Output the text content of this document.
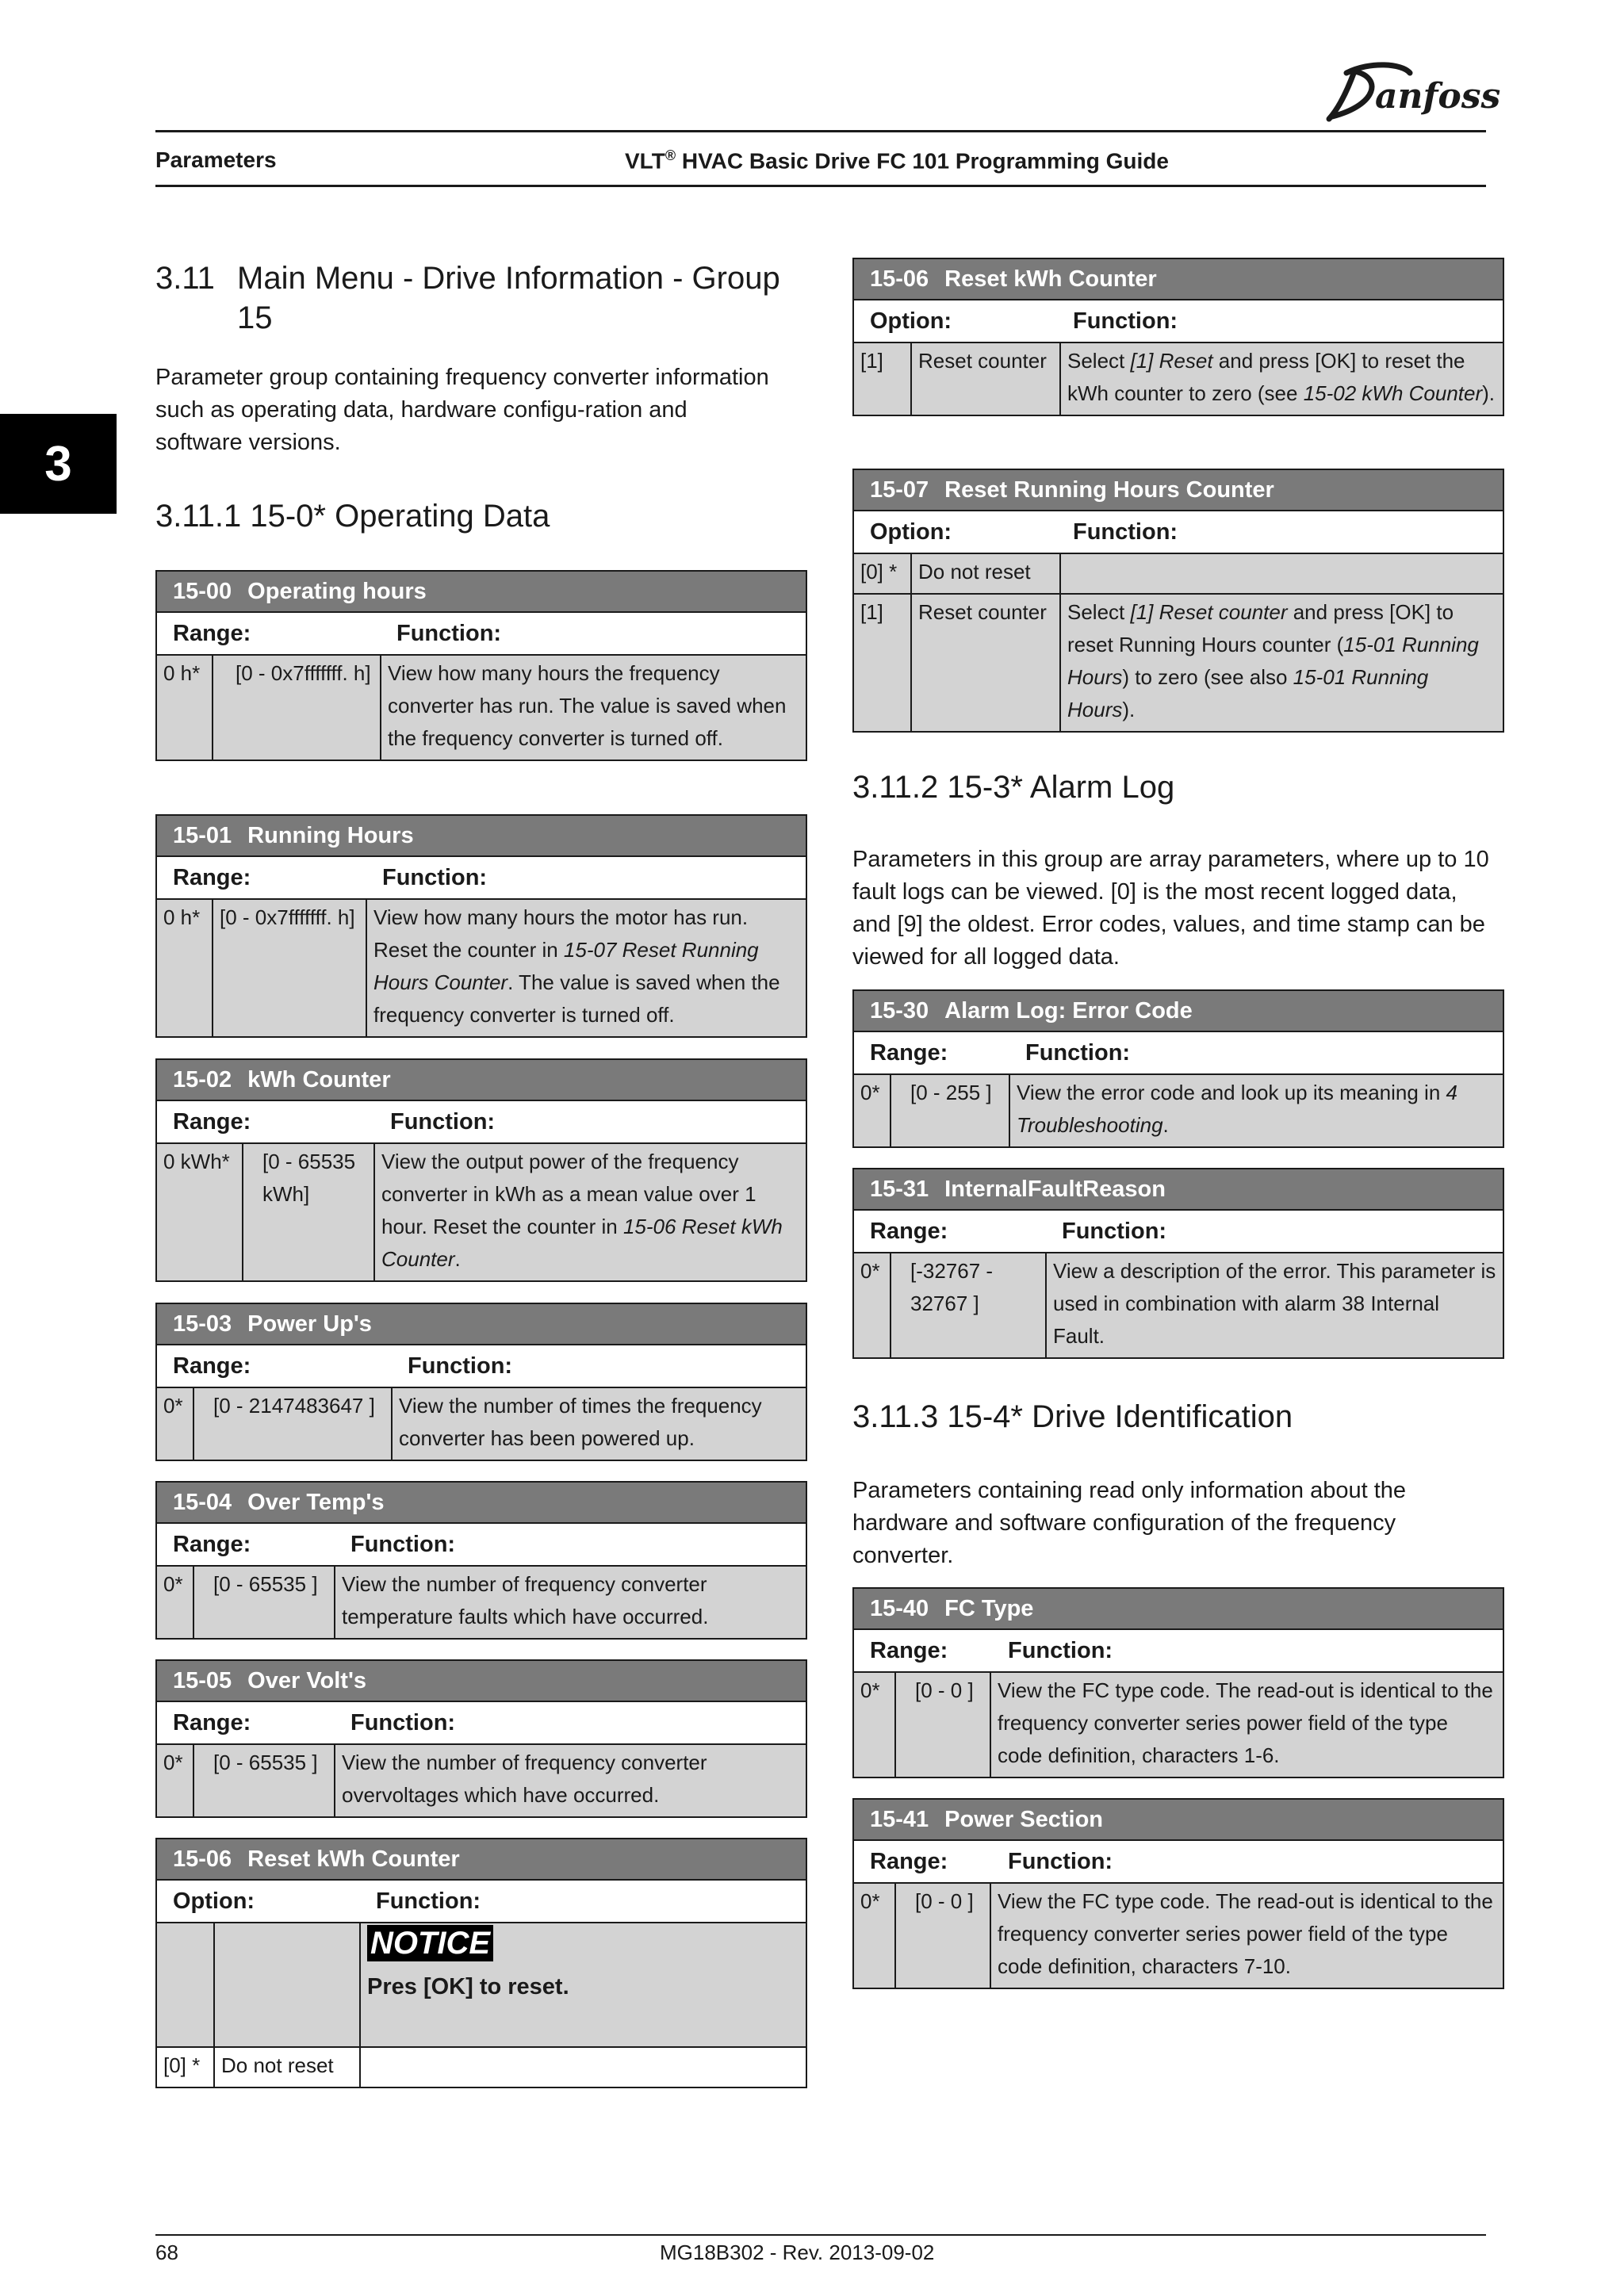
anfoss
Parameters	VLT® HVAC Basic Drive FC 101 Programming Guide
3
3.11 Main Menu - Drive Information - Group 15
Parameter group containing frequency converter information such as operating data, hardware configu-ration and software versions.
3.11.1 15-0* Operating Data
15-00 Operating hours
Range:	Function:
0 h*	[0 - 0x7fffffff. h]	View how many hours the frequency converter has run. The value is saved when the frequency converter is turned off.
15-01 Running Hours
Range:	Function:
0 h*	[0 - 0x7fffffff. h]	View how many hours the motor has run. Reset the counter in 15-07 Reset Running Hours Counter. The value is saved when the frequency converter is turned off.
15-02 kWh Counter
Range:	Function:
0 kWh*	[0 - 65535 kWh]	View the output power of the frequency converter in kWh as a mean value over 1 hour. Reset the counter in 15-06 Reset kWh Counter.
15-03 Power Up's
Range:	Function:
0*	[0 - 2147483647 ]	View the number of times the frequency converter has been powered up.
15-04 Over Temp's
Range:	Function:
0*	[0 - 65535 ]	View the number of frequency converter temperature faults which have occurred.
15-05 Over Volt's
Range:	Function:
0*	[0 - 65535 ]	View the number of frequency converter overvoltages which have occurred.
15-06 Reset kWh Counter
Option:	Function:
		NOTICE
Pres [OK] to reset.

[0] *	Do not reset	
15-06 Reset kWh Counter
Option:	Function:
[1]	Reset counter	Select [1] Reset and press [OK] to reset the kWh counter to zero (see 15-02 kWh Counter).
15-07 Reset Running Hours Counter
Option:	Function:
[0] *	Do not reset	
[1]	Reset counter	Select [1] Reset counter and press [OK] to reset Running Hours counter (15-01 Running Hours) to zero (see also 15-01 Running Hours).
3.11.2 15-3* Alarm Log
Parameters in this group are array parameters, where up to 10 fault logs can be viewed. [0] is the most recent logged data, and [9] the oldest. Error codes, values, and time stamp can be viewed for all logged data.
15-30 Alarm Log: Error Code
Range:	Function:
0*	[0 - 255 ]	View the error code and look up its meaning in 4 Troubleshooting.
15-31 InternalFaultReason
Range:	Function:
0*	[-32767 - 32767 ]	View a description of the error. This parameter is used in combination with alarm 38 Internal Fault.
3.11.3 15-4* Drive Identification
Parameters containing read only information about the hardware and software configuration of the frequency converter.
15-40 FC Type
Range:	Function:
0*	[0 - 0 ]	View the FC type code. The read-out is identical to the frequency converter series power field of the type code definition, characters 1-6.
15-41 Power Section
Range:	Function:
0*	[0 - 0 ]	View the FC type code. The read-out is identical to the frequency converter series power field of the type code definition, characters 7-10.
68	MG18B302 - Rev. 2013-09-02
